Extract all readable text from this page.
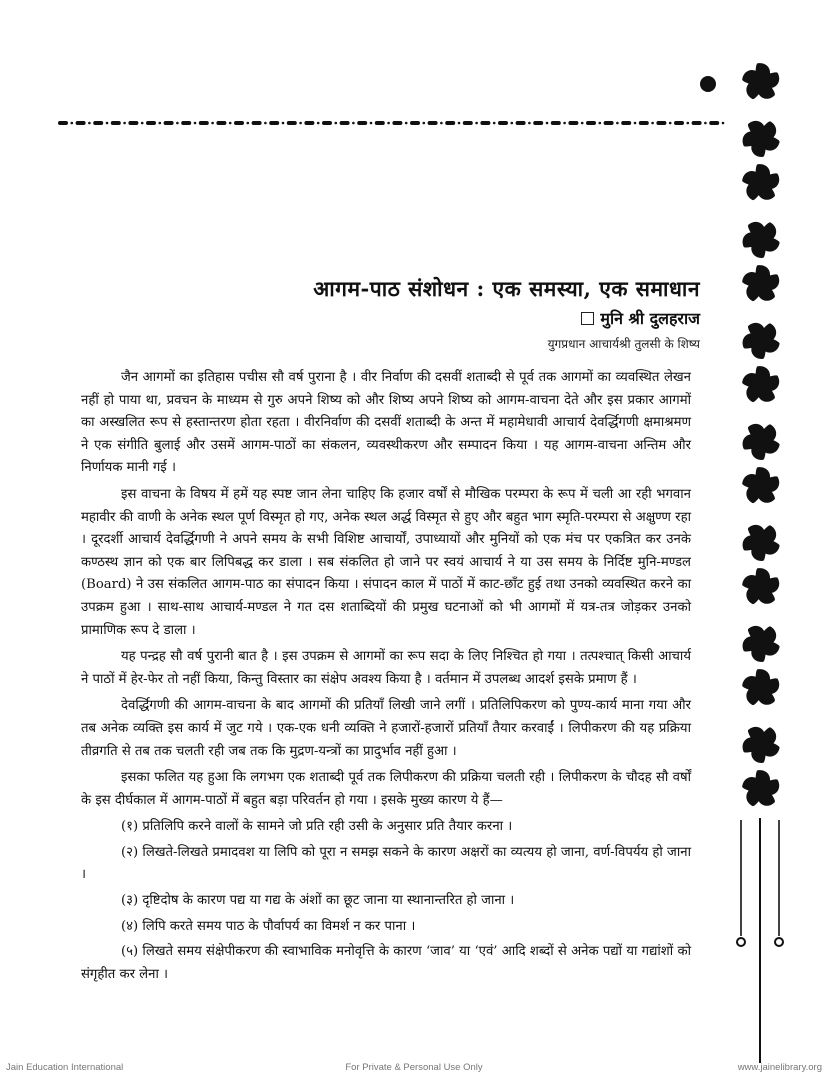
आगम-पाठ संशोधन : एक समस्या, एक समाधान
मुनि श्री दुलहराज
युगप्रधान आचार्यश्री तुलसी के शिष्य

जैन आगमों का इतिहास पचीस सौ वर्ष पुराना है । वीर निर्वाण की दसवीं शताब्दी से पूर्व तक आगमों का व्यवस्थित लेखन नहीं हो पाया था, प्रवचन के माध्यम से गुरु अपने शिष्य को और शिष्य अपने शिष्य को आगम-वाचना देते और इस प्रकार आगमों का अस्खलित रूप से हस्तान्तरण होता रहता । वीरनिर्वाण की दसवीं शताब्दी के अन्त में महामेधावी आचार्य देवर्द्धिगणी क्षमाश्रमण ने एक संगीति बुलाई और उसमें आगम-पाठों का संकलन, व्यवस्थीकरण और सम्पादन किया । यह आगम-वाचना अन्तिम और निर्णायक मानी गई ।

इस वाचना के विषय में हमें यह स्पष्ट जान लेना चाहिए कि हजार वर्षों से मौखिक परम्परा के रूप में चली आ रही भगवान महावीर की वाणी के अनेक स्थल पूर्ण विस्मृत हो गए, अनेक स्थल अर्द्ध विस्मृत से हुए और बहुत भाग स्मृति-परम्परा से अक्षुण्ण रहा । दूरदर्शी आचार्य देवर्द्धिगणी ने अपने समय के सभी विशिष्ट आचार्यों, उपाध्यायों और मुनियों को एक मंच पर एकत्रित कर उनके कण्ठस्थ ज्ञान को एक बार लिपिबद्ध कर डाला । सब संकलित हो जाने पर स्वयं आचार्य ने या उस समय के निर्दिष्ट मुनि-मण्डल (Board) ने उस संकलित आगम-पाठ का संपादन किया । संपादन काल में पाठों में काट-छाँट हुई तथा उनको व्यवस्थित करने का उपक्रम हुआ । साथ-साथ आचार्य-मण्डल ने गत दस शताब्दियों की प्रमुख घटनाओं को भी आगमों में यत्र-तत्र जोड़कर उनको प्रामाणिक रूप दे डाला ।

यह पन्द्रह सौ वर्ष पुरानी बात है । इस उपक्रम से आगमों का रूप सदा के लिए निश्चित हो गया । तत्पश्चात् किसी आचार्य ने पाठों में हेर-फेर तो नहीं किया, किन्तु विस्तार का संक्षेप अवश्य किया है । वर्तमान में उपलब्ध आदर्श इसके प्रमाण हैं ।

देवर्द्धिगणी की आगम-वाचना के बाद आगमों की प्रतियाँ लिखी जाने लगीं । प्रतिलिपिकरण को पुण्य-कार्य माना गया और तब अनेक व्यक्ति इस कार्य में जुट गये । एक-एक धनी व्यक्ति ने हजारों-हजारों प्रतियाँ तैयार करवाईं । लिपीकरण की यह प्रक्रिया तीव्रगति से तब तक चलती रही जब तक कि मुद्रण-यन्त्रों का प्रादुर्भाव नहीं हुआ ।

इसका फलित यह हुआ कि लगभग एक शताब्दी पूर्व तक लिपीकरण की प्रक्रिया चलती रही । लिपीकरण के चौदह सौ वर्षों के इस दीर्घकाल में आगम-पाठों में बहुत बड़ा परिवर्तन हो गया । इसके मुख्य कारण ये हैं—

(१) प्रतिलिपि करने वालों के सामने जो प्रति रही उसी के अनुसार प्रति तैयार करना ।

(२) लिखते-लिखते प्रमादवश या लिपि को पूरा न समझ सकने के कारण अक्षरों का व्यत्यय हो जाना, वर्ण-विपर्यय हो जाना ।

(३) दृष्टिदोष के कारण पद्य या गद्य के अंशों का छूट जाना या स्थानान्तरित हो जाना ।

(४) लिपि करते समय पाठ के पौर्वापर्य का विमर्श न कर पाना ।

(५) लिखते समय संक्षेपीकरण की स्वाभाविक मनोवृत्ति के कारण ‘जाव’ या ‘एवं’ आदि शब्दों से अनेक पद्यों या गद्यांशों को संगृहीत कर लेना ।

Jain Education International	For Private & Personal Use Only	www.jainelibrary.org
